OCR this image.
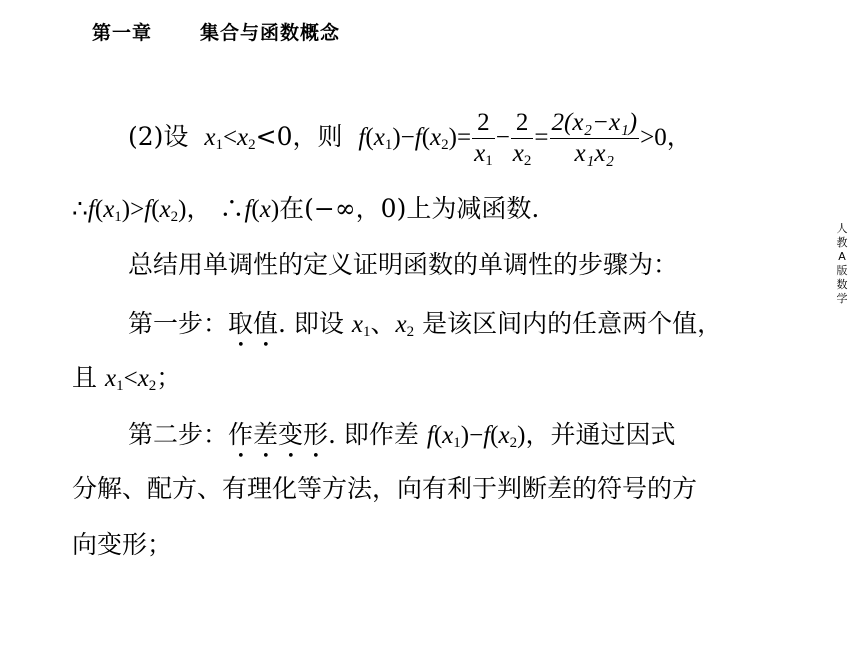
第一章	集合与函数概念
人
教
A
版
数
学
(2)设 $x_1<x_2<0$，则 $f(x_1)-f(x_2)= \frac{2}{x_1} - \frac{2}{x_2} = \frac{\text{2(x₂−x₁)}}{\text{x₁x₂}} >0$，
$\therefore f(x_1)>f(x_2)$， ∴f(x)在(−∞，0)上为减函数.
总结用单调性的定义证明函数的单调性的步骤为：
第一步：取值. 即设 $x_1$、$x_2$ 是该区间内的任意两个值，
且 $x_1<x_2$；
第二步：作差变形. 即作差 $f(x_1)-f(x_2)$，并通过因式
分解、配方、有理化等方法，向有利于判断差的符号的方
向变形；
